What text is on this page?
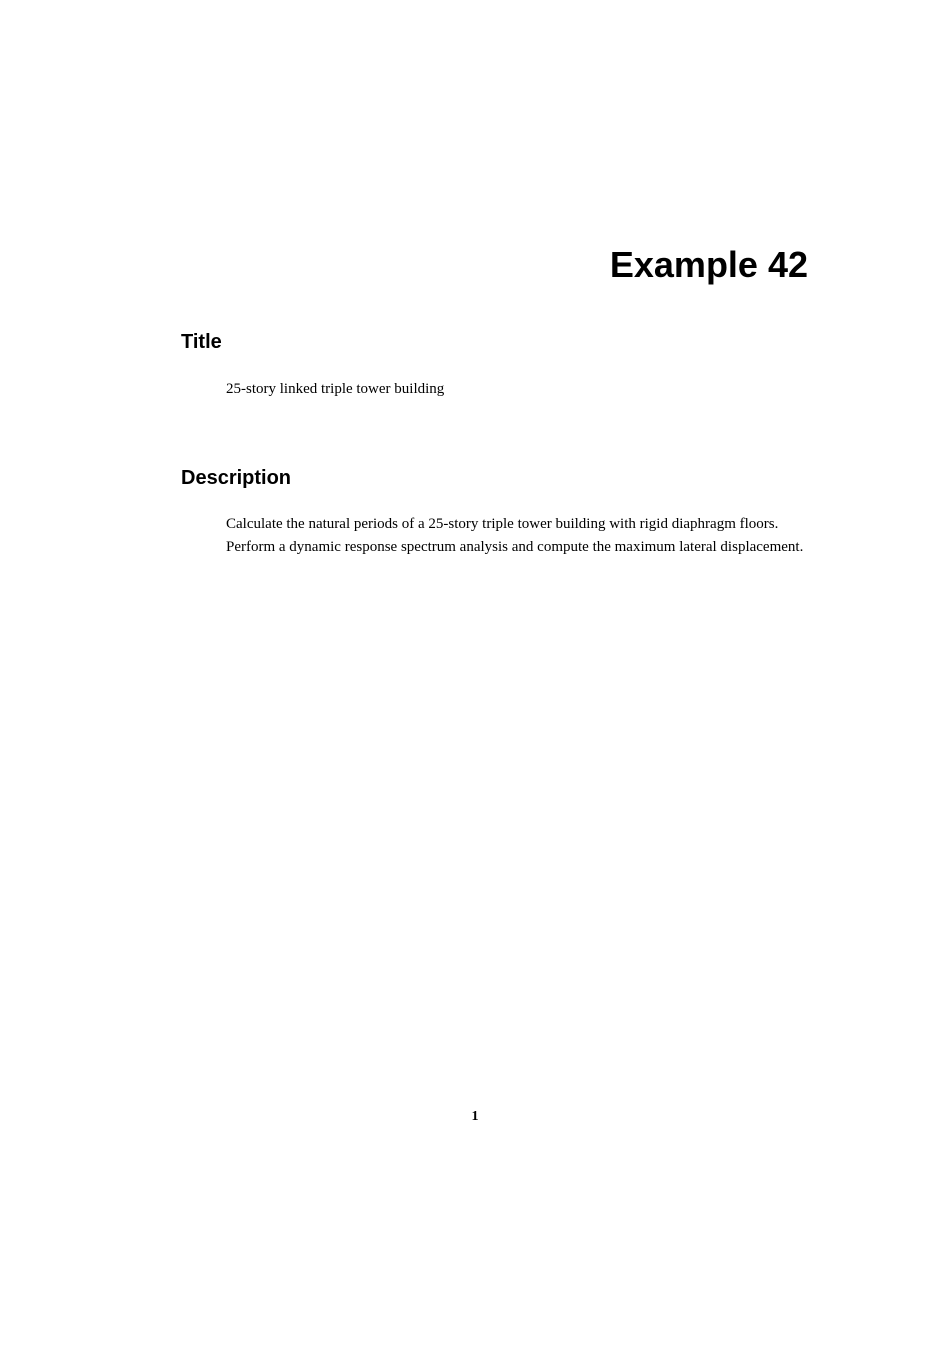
Example 42
Title

25-story linked triple tower building

Description

Calculate the natural periods of a 25-story triple tower building with rigid diaphragm floors. Perform a dynamic response spectrum analysis and compute the maximum lateral displacement.

1
